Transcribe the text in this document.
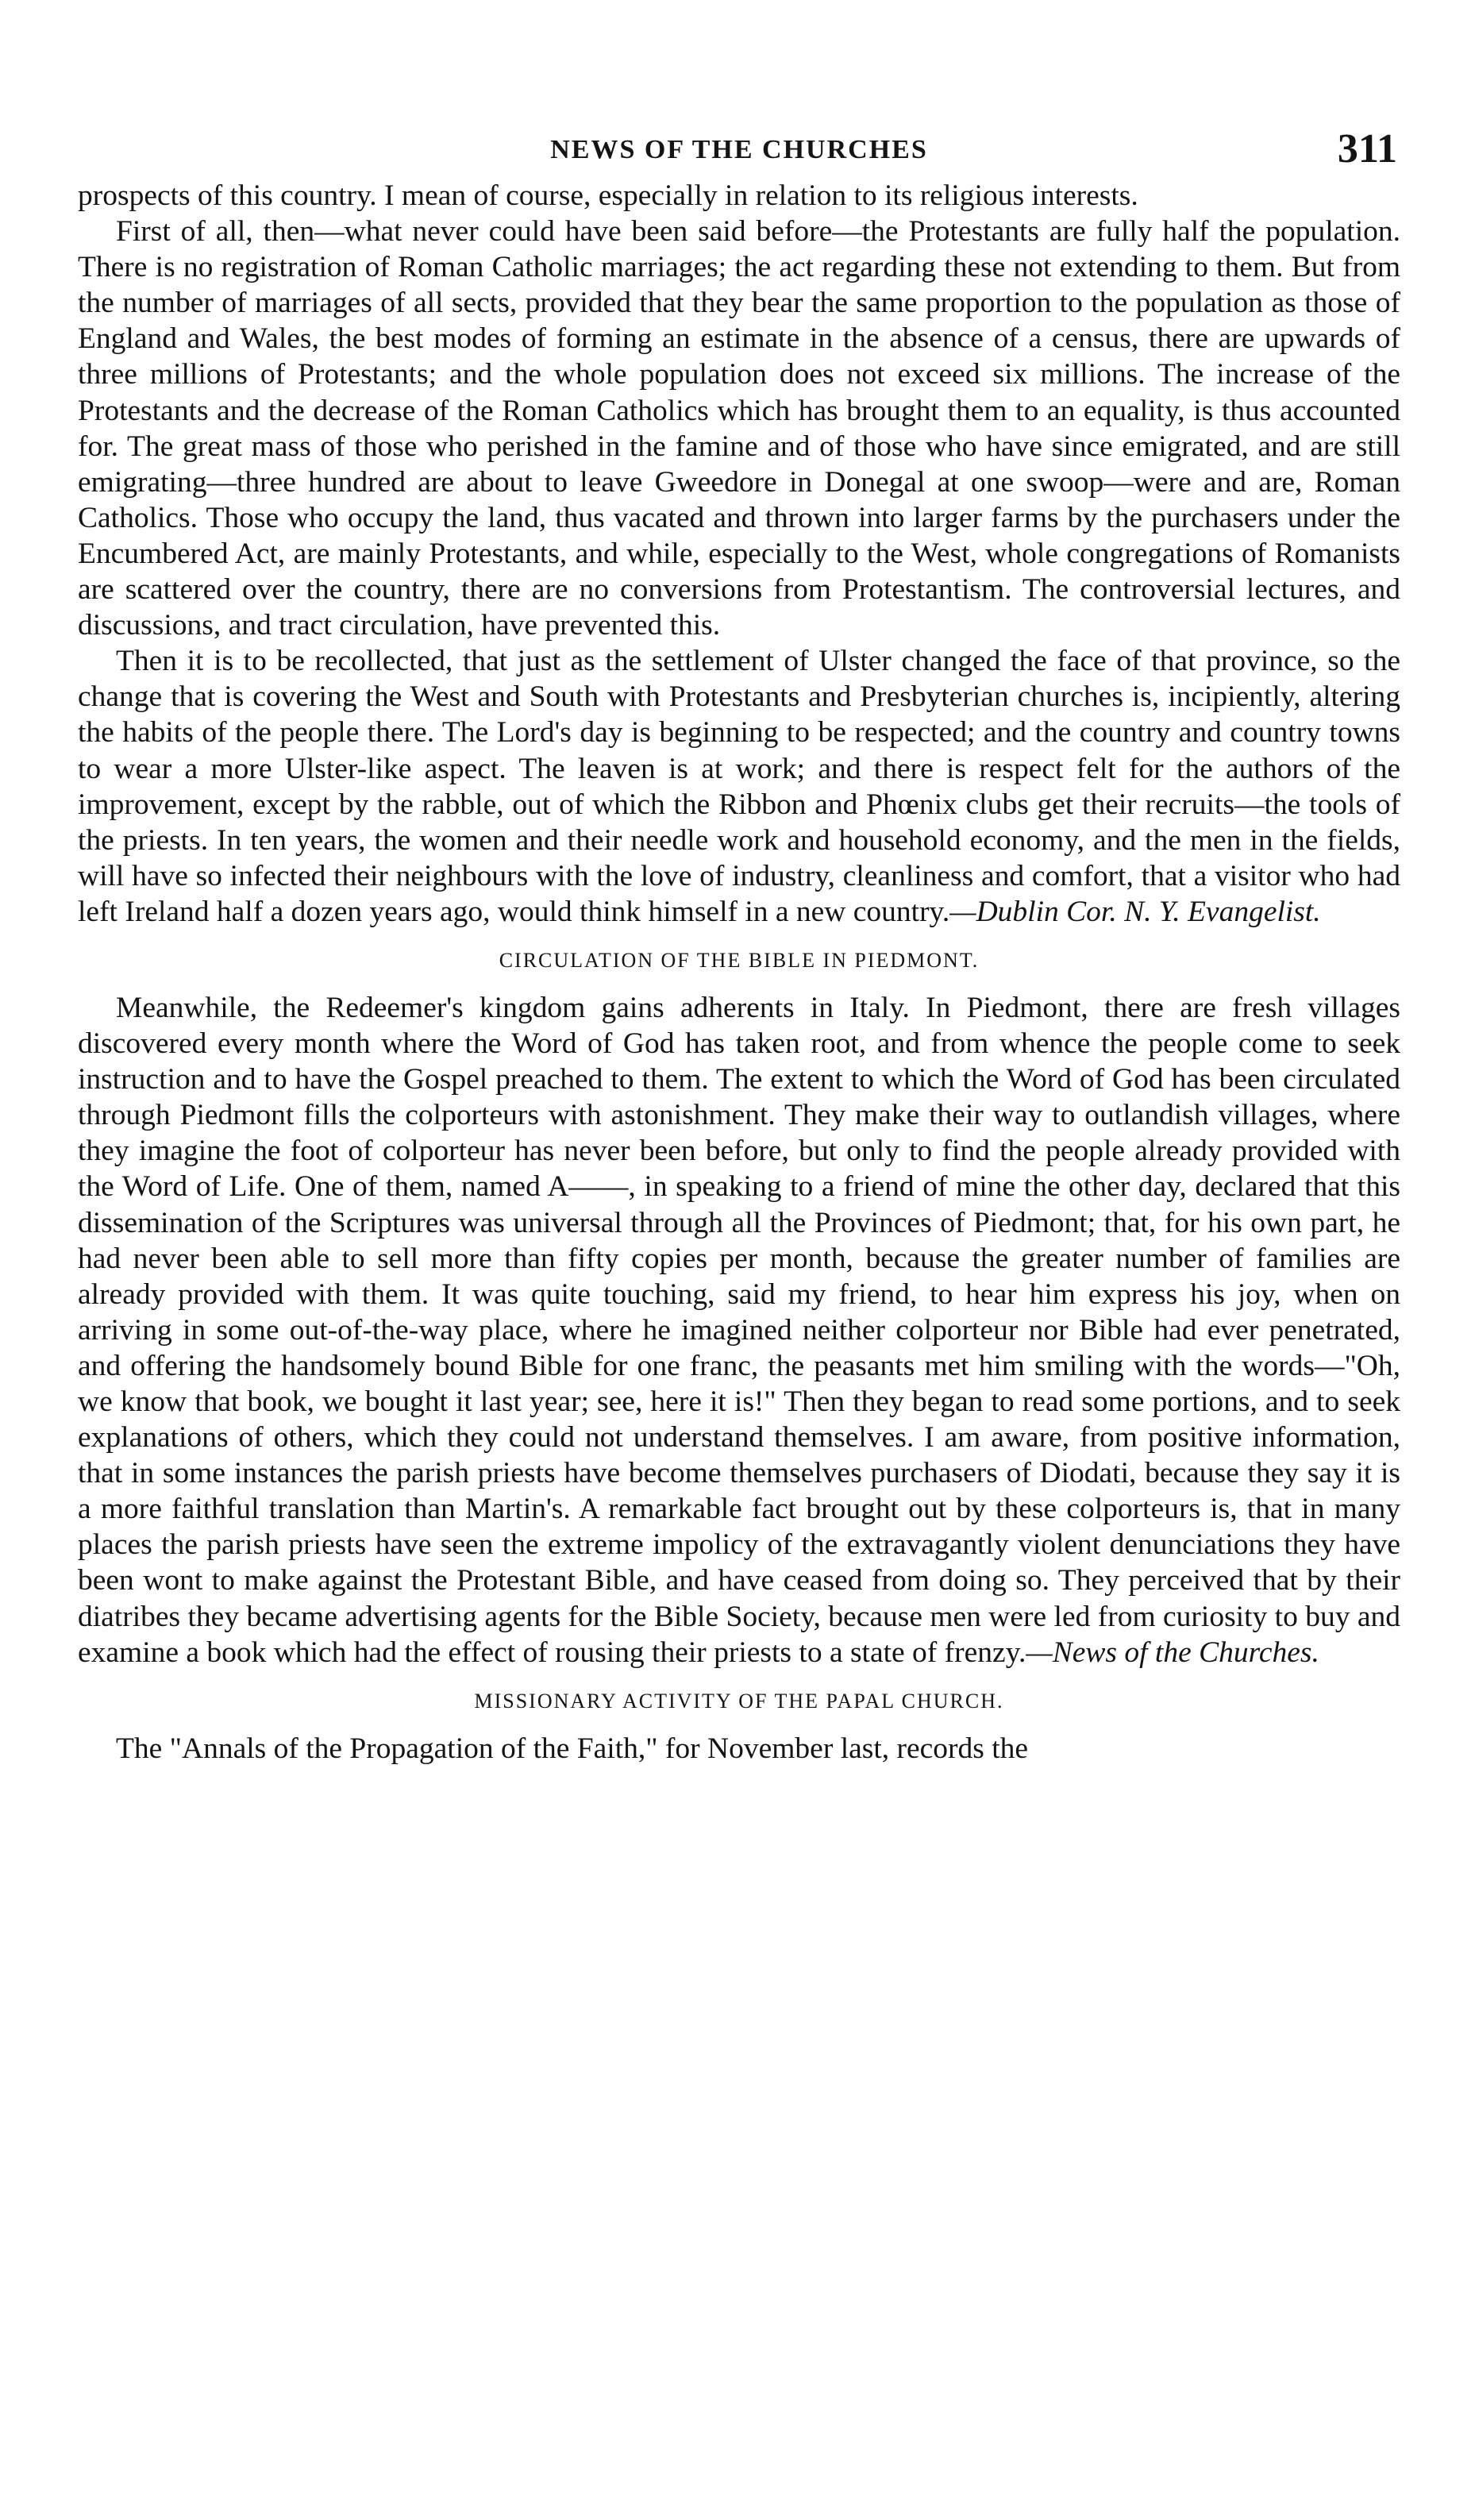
NEWS OF THE CHURCHES	311

prospects of this country. I mean of course, especially in relation to its religious interests.

First of all, then—what never could have been said before—the Protestants are fully half the population. There is no registration of Roman Catholic marriages; the act regarding these not extending to them. But from the number of marriages of all sects, provided that they bear the same proportion to the population as those of England and Wales, the best modes of forming an estimate in the absence of a census, there are upwards of three millions of Protestants; and the whole population does not exceed six millions. The increase of the Protestants and the decrease of the Roman Catholics which has brought them to an equality, is thus accounted for. The great mass of those who perished in the famine and of those who have since emigrated, and are still emigrating—three hundred are about to leave Gweedore in Donegal at one swoop—were and are, Roman Catholics. Those who occupy the land, thus vacated and thrown into larger farms by the purchasers under the Encumbered Act, are mainly Protestants, and while, especially to the West, whole congregations of Romanists are scattered over the country, there are no conversions from Protestantism. The controversial lectures, and discussions, and tract circulation, have prevented this.

Then it is to be recollected, that just as the settlement of Ulster changed the face of that province, so the change that is covering the West and South with Protestants and Presbyterian churches is, incipiently, altering the habits of the people there. The Lord's day is beginning to be respected; and the country and country towns to wear a more Ulster-like aspect. The leaven is at work; and there is respect felt for the authors of the improvement, except by the rabble, out of which the Ribbon and Phœnix clubs get their recruits—the tools of the priests. In ten years, the women and their needle work and household economy, and the men in the fields, will have so infected their neighbours with the love of industry, cleanliness and comfort, that a visitor who had left Ireland half a dozen years ago, would think himself in a new country.—Dublin Cor. N. Y. Evangelist.

CIRCULATION OF THE BIBLE IN PIEDMONT.

Meanwhile, the Redeemer's kingdom gains adherents in Italy. In Piedmont, there are fresh villages discovered every month where the Word of God has taken root, and from whence the people come to seek instruction and to have the Gospel preached to them. The extent to which the Word of God has been circulated through Piedmont fills the colporteurs with astonishment. They make their way to outlandish villages, where they imagine the foot of colporteur has never been before, but only to find the people already provided with the Word of Life. One of them, named A——, in speaking to a friend of mine the other day, declared that this dissemination of the Scriptures was universal through all the Provinces of Piedmont; that, for his own part, he had never been able to sell more than fifty copies per month, because the greater number of families are already provided with them. It was quite touching, said my friend, to hear him express his joy, when on arriving in some out-of-the-way place, where he imagined neither colporteur nor Bible had ever penetrated, and offering the handsomely bound Bible for one franc, the peasants met him smiling with the words—"Oh, we know that book, we bought it last year; see, here it is!" Then they began to read some portions, and to seek explanations of others, which they could not understand themselves. I am aware, from positive information, that in some instances the parish priests have become themselves purchasers of Diodati, because they say it is a more faithful translation than Martin's. A remarkable fact brought out by these colporteurs is, that in many places the parish priests have seen the extreme impolicy of the extravagantly violent denunciations they have been wont to make against the Protestant Bible, and have ceased from doing so. They perceived that by their diatribes they became advertising agents for the Bible Society, because men were led from curiosity to buy and examine a book which had the effect of rousing their priests to a state of frenzy.—News of the Churches.

MISSIONARY ACTIVITY OF THE PAPAL CHURCH.

The "Annals of the Propagation of the Faith," for November last, records the
